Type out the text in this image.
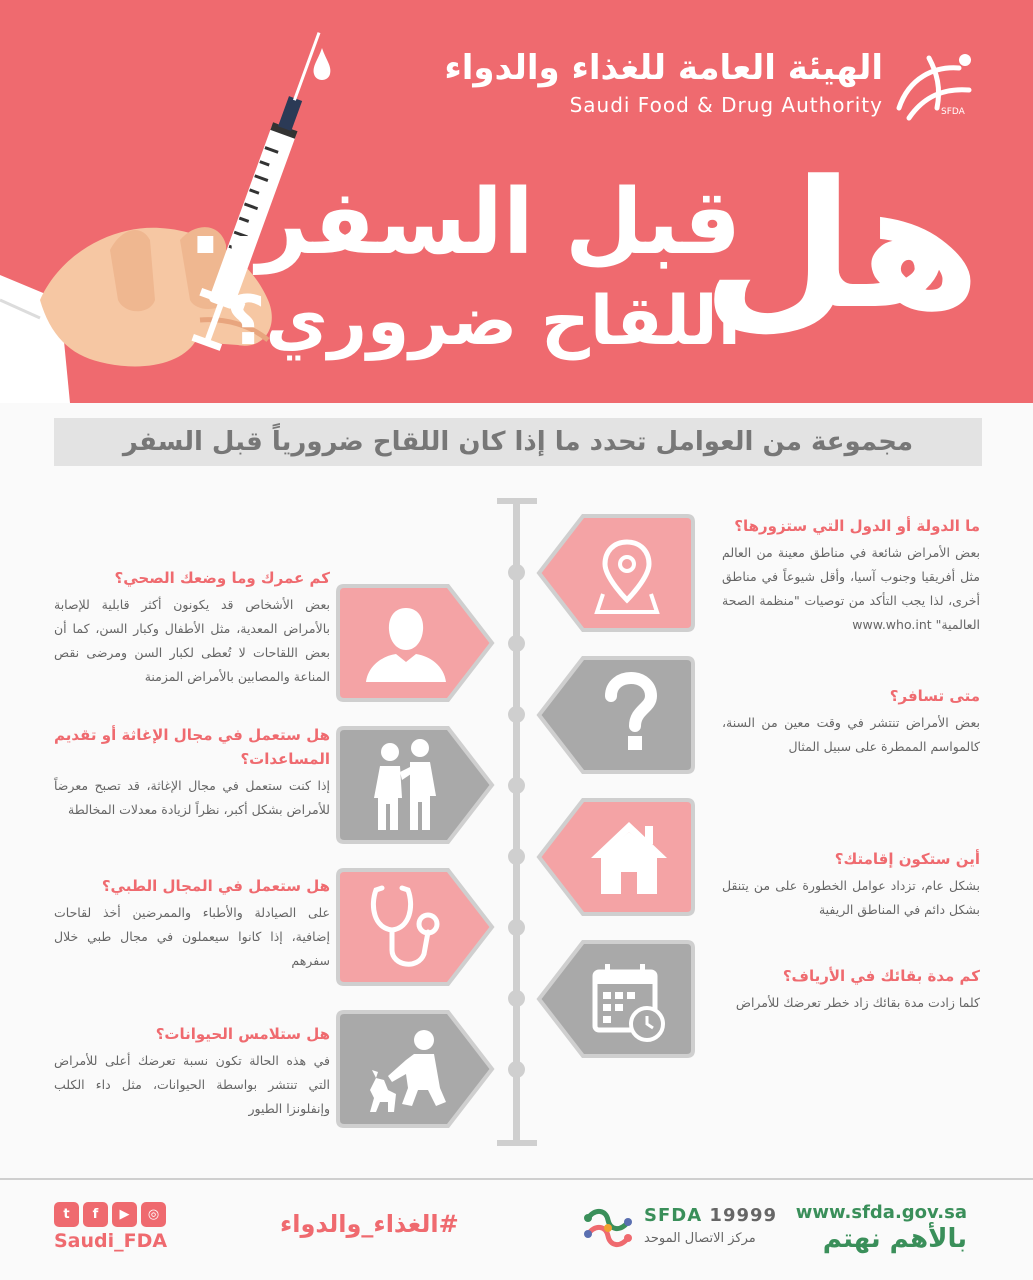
الهيئة العامة للغذاء والدواء
Saudi Food & Drug Authority	SFDA
هل
قبل السفر..
اللقاح ضروري؟
مجموعة من العوامل تحدد ما إذا كان اللقاح ضرورياً قبل السفر
ما الدولة أو الدول التي ستزورها؟

بعض الأمراض شائعة في مناطق معينة من العالم مثل أفريقيا وجنوب آسيا، وأقل شيوعاً في مناطق أخرى، لذا يجب التأكد من توصيات "منظمة الصحة العالمية" www.who.int

متى تسافر؟

بعض الأمراض تنتشر في وقت معين من السنة، كالمواسم الممطرة على سبيل المثال

أين ستكون إقامتك؟

بشكل عام، تزداد عوامل الخطورة على من يتنقل بشكل دائم في المناطق الريفية

كم مدة بقائك في الأرياف؟

كلما زادت مدة بقائك زاد خطر تعرضك للأمراض

كم عمرك وما وضعك الصحي؟

بعض الأشخاص قد يكونون أكثر قابلية للإصابة بالأمراض المعدية، مثل الأطفال وكبار السن، كما أن بعض اللقاحات لا تُعطى لكبار السن ومرضى نقص المناعة والمصابين بالأمراض المزمنة

هل ستعمل في مجال الإغاثة أو تقديم المساعدات؟

إذا كنت ستعمل في مجال الإغاثة، قد تصبح معرضاً للأمراض بشكل أكبر، نظراً لزيادة معدلات المخالطة

هل ستعمل في المجال الطبي؟

على الصيادلة والأطباء والممرضين أخذ لقاحات إضافية، إذا كانوا سيعملون في مجال طبي خلال سفرهم

هل ستلامس الحيوانات؟

في هذه الحالة تكون نسبة تعرضك أعلى للأمراض التي تنتشر بواسطة الحيوانات، مثل داء الكلب وإنفلونزا الطيور

t	f	▶	◎
Saudi_FDA
#الغذاء_والدواء	SFDA 19999
مركز الاتصال الموحد
www.sfda.gov.sa
بالأهم نهتم
